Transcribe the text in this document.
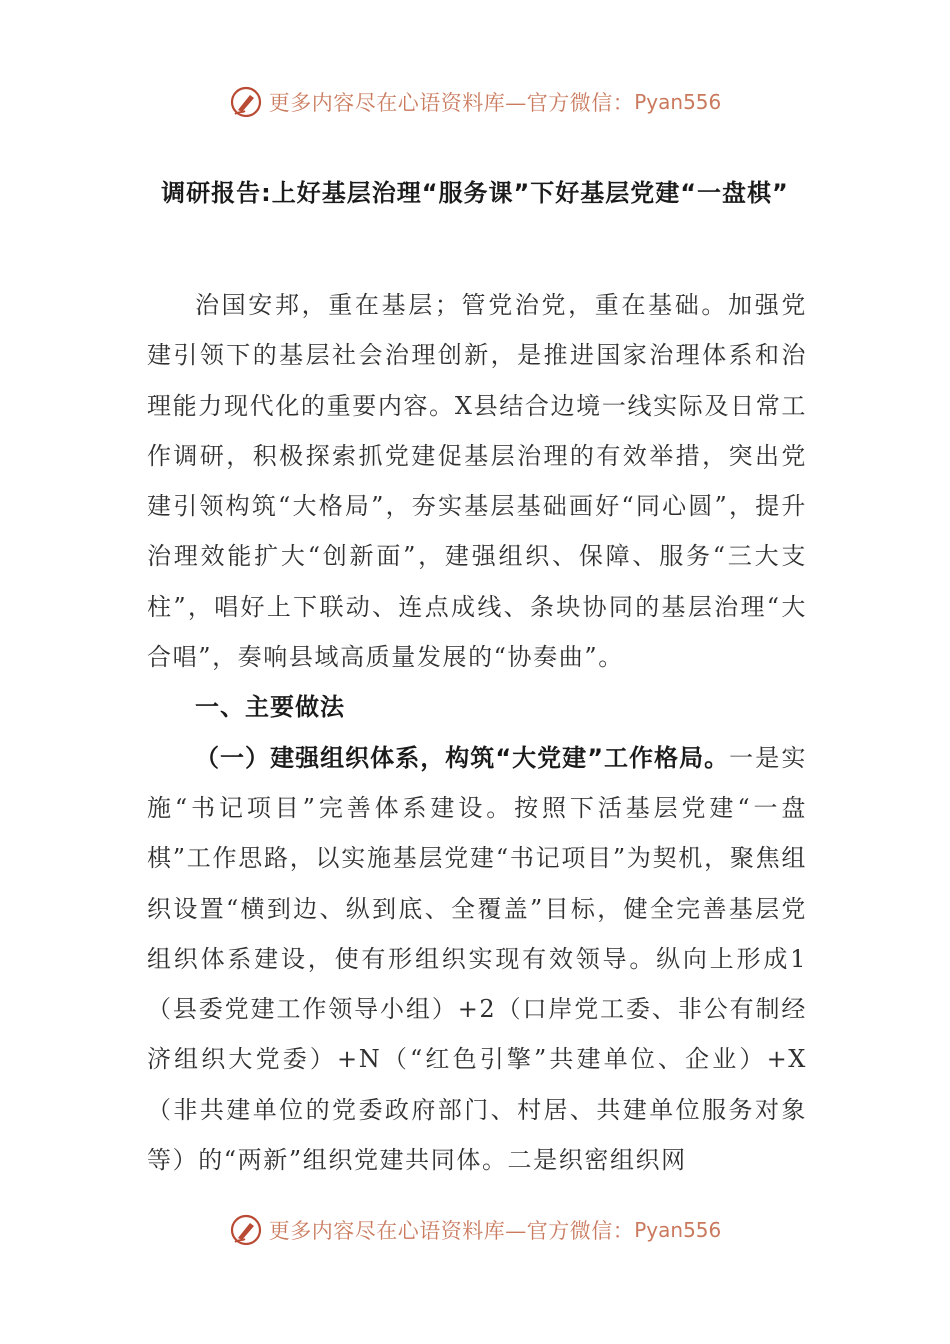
更多内容尽在心语资料库—官方微信： Pyan556
调研报告:上好基层治理“服务课”下好基层党建“一盘棋”

治国安邦，重在基层；管党治党，重在基础。加强党建引领下的基层社会治理创新，是推进国家治理体系和治理能力现代化的重要内容。X县结合边境一线实际及日常工作调研，积极探索抓党建促基层治理的有效举措，突出党建引领构筑“大格局”，夯实基层基础画好“同心圆”，提升治理效能扩大“创新面”，建强组织、保障、服务“三大支柱”，唱好上下联动、连点成线、条块协同的基层治理“大合唱”，奏响县域高质量发展的“协奏曲”。

一、主要做法

（一）建强组织体系，构筑“大党建”工作格局。一是实施“书记项目”完善体系建设。按照下活基层党建“一盘棋”工作思路，以实施基层党建“书记项目”为契机，聚焦组织设置“横到边、纵到底、全覆盖”目标，健全完善基层党组织体系建设，使有形组织实现有效领导。纵向上形成1（县委党建工作领导小组）+2（口岸党工委、非公有制经济组织大党委）+N（“红色引擎”共建单位、企业）+X（非共建单位的党委政府部门、村居、共建单位服务对象等）的“两新”组织党建共同体。二是织密组织网

更多内容尽在心语资料库—官方微信： Pyan556
